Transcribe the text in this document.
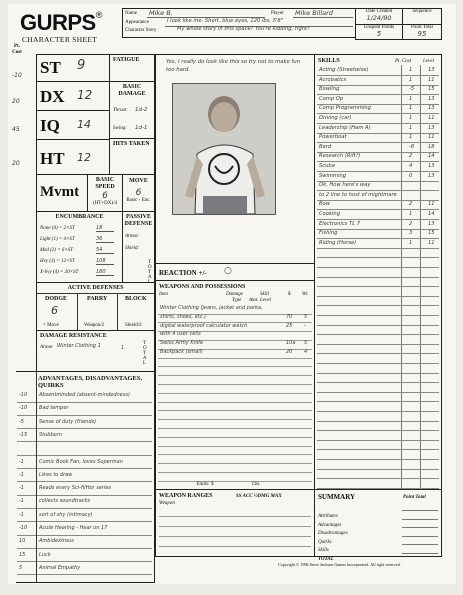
GURPS®
CHARACTER SHEET
Name Mike B.	Player Mike Billard
Appearance	I look like me. Short, blue eyes, 120 lbs. 5'8"
Character Story	My whole story in this space? You're kidding, right?
Date Created
1/24/90
Sequence
Unspent Points
5
Point Total
95
Pt. Cost
-10
20
45
20
ST 9	FATIGUE
DX 12
BASIC DAMAGE
Thrust: 1d-2
Swing: 1d-1
IQ 14
HT 12
HITS TAKEN
Mvmt
BASIC SPEED
6
(HT+DX)/4
MOVE
6
Basic - Enc.
ENCUMBRANCE
None (0) = 2×ST	18
Light (1) = 4×ST	36
Med (2) = 6×ST	54
Hvy (3) = 12×ST	108
X-hvy (4) = 20×ST	180
PASSIVE DEFENSE
Armor:
Shield:
TOTAL
ACTIVE DEFENSES
DODGE	PARRY	BLOCK
6
= Move	Weapon/2	Shield/2
DAMAGE RESISTANCE
Armor Winter Clothing 1	1
TOTAL
ADVANTAGES, DISADVANTAGES, QUIRKS
-10 Absentminded (absent-mindedness)
-10 Bad temper
-5	Sense of duty (friends)
-15 Stubborn
-1	Comic Book Fan, loves Superman
-1	Likes to draw
-1	Reads every Sci-fi/Hor series
-1	collects soundtracks
-1	sort of shy (intimacy)
-10 Acute Hearing - Hear on 17
10	Ambidextrous
15	Luck
5	Animal Empathy
Yes, I really do look like this so try not to make fun too hard.
REACTION +/- ○
WEAPONS AND POSSESSIONS
Item	Damage
Type Amt.
Skill
Level
$ Wt.
Winter Clothing (jeans, jacket and parka,
shirts, shoes, etc.)	70 5
digital waterproof calculator watch	25 -
with 4 user cells
Swiss Army Knife	10a 5
Backpack (small)	20 4
Totals: $	Lbs.
WEAPON RANGES
Weapon
SS ACC ½DMG MAX
SKILLS	Pt. Cost Level
Acting (Streetwise)	1	13
Acrobatics	1	11
Bowling	-5	15
Comp Op	1	13
Comp Programming	1	13
Driving (car)	1	11
Leadership (Ham A)	1	13
Powerboat	1	11
Bard	-8	18
Research (Rift?)	2	14
Scuba	4	13
Swimming	0	13
Ok, How here's way
to 2 line to host of mightmare
Bow	2	11
Cooking	1	14
Electronics TL 7	2	13
Fishing	3	15
Riding (Horse)	1	11
SUMMARY	Point Total
Attributes
Advantages
Disadvantages
Quirks
Skills
TOTAL
Copyright © 1986 Steve Jackson Games Incorporated. All right reserved.
